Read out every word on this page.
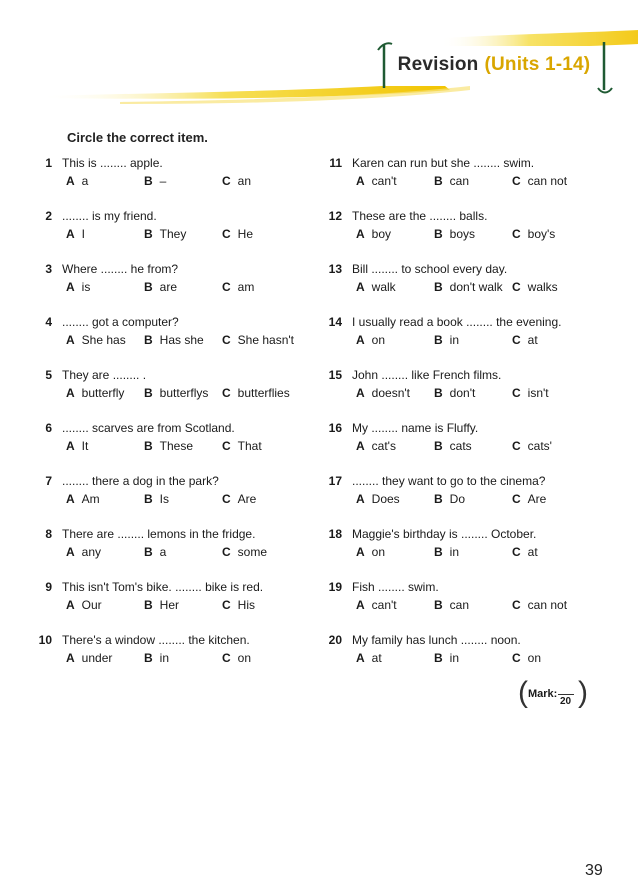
Revision (Units 1-14)
Circle the correct item.
1 This is ........ apple.
A a	B –	C an
2 ........ is my friend.
A I	B They	C He
3 Where ........ he from?
A is	B are	C am
4 ........ got a computer?
A She has B Has she C She hasn't
5 They are ........ .
A butterfly B butterflys C butterflies
6 ........ scarves are from Scotland.
A It	B These C That
7 ........ there a dog in the park?
A Am	B Is	C Are
8 There are ........ lemons in the fridge.
A any	B a	C some
9 This isn't Tom's bike. ........ bike is red.
A Our	B Her	C His
10 There's a window ........ the kitchen.
A under	B in	C on
11 Karen can run but she ........ swim.
A can't	B can	C can not
12 These are the ........ balls.
A boy	B boys	C boy's
13 Bill ........ to school every day.
A walk	B don't walk C walks
14 I usually read a book ........ the evening.
A on	B in	C at
15 John ........ like French films.
A doesn't B don't	C isn't
16 My ........ name is Fluffy.
A cat's	B cats	C cats'
17 ........ they want to go to the cinema?
A Does	B Do	C Are
18 Maggie's birthday is ........ October.
A on	B in	C at
19 Fish ........ swim.
A can't	B can	C can not
20 My family has lunch ........ noon.
A at	B in	C on
( Mark:
20 )
39
